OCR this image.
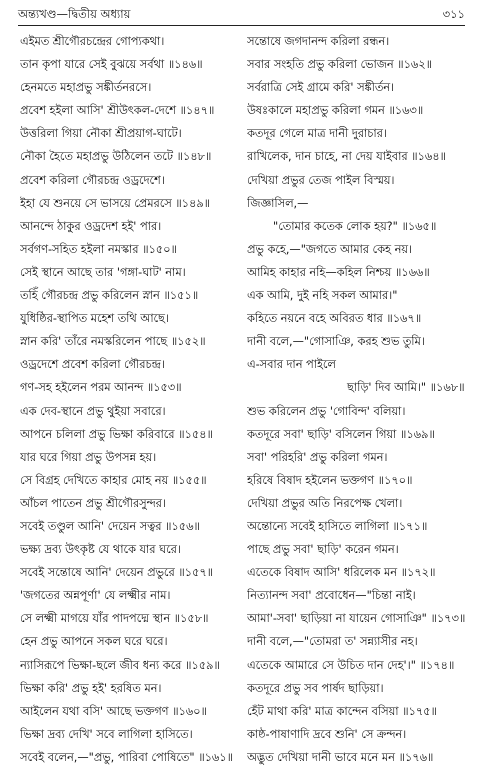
অন্ত্যখণ্ড—দ্বিতীয় অধ্যায়	৩১১
এইমত শ্রীগৌরচন্দ্রের গোপ্যকথা।
তান কৃপা যারে সেই বুঝয়ে সর্বথা ॥১৪৬॥
হেনমতে মহাপ্রভু সঙ্কীর্তনরসে।
প্রবেশ হইলা আসি' শ্রীউৎকল-দেশে ॥১৪৭॥
উত্তরিলা গিয়া নৌকা শ্রীপ্রয়াগ-ঘাটে।
নৌকা হৈতে মহাপ্রভু উঠিলেন তটে ॥১৪৮॥
প্রবেশ করিলা গৌরচন্দ্র ওড্রদেশে।
ইহা যে শুনয়ে সে ভাসয়ে প্রেমরসে ॥১৪৯॥
আনন্দে ঠাকুর ওড্রদেশ হই' পার।
সর্বগণ-সহিত হইলা নমস্কার ॥১৫০॥
সেই স্থানে আছে তার 'গঙ্গা-ঘাট' নাম।
তহিঁ গৌরচন্দ্র প্রভু করিলেন স্নান ॥১৫১॥
যুধিষ্ঠির-স্থাপিত মহেশ তথি আছে।
স্নান করি' তাঁরে নমস্করিলেন পাছে ॥১৫২॥
ওড্রদেশে প্রবেশ করিলা গৌরচন্দ্র।
গণ-সহ হইলেন পরম আনন্দ ॥১৫৩॥
এক দেব-স্থানে প্রভু থুইয়া সবারে।
আপনে চলিলা প্রভু ভিক্ষা করিবারে ॥১৫৪॥
যার ঘরে গিয়া প্রভু উপসন্ন হয়।
সে বিগ্রহ দেখিতে কাহার মোহ নয় ॥১৫৫॥
আঁচল পাতেন প্রভু শ্রীগৌরসুন্দর।
সবেই তণ্ডুল আনি' দেয়েন সত্বর ॥১৫৬॥
ভক্ষ্য দ্রব্য উৎকৃষ্ট যে থাকে যার ঘরে।
সবেই সন্তোষে আনি' দেয়েন প্রভুরে ॥১৫৭॥
'জগতের অন্নপূর্ণা' যে লক্ষ্মীর নাম।
সে লক্ষ্মী মাগয়ে যাঁর পাদপদ্মে স্থান ॥১৫৮॥
হেন প্রভু আপনে সকল ঘরে ঘরে।
ন্যাসিরূপে ভিক্ষা-ছলে জীব ধন্য করে ॥১৫৯॥
ভিক্ষা করি' প্রভু হই' হরষিত মন।
আইলেন যথা বসি' আছে ভক্তগণ ॥১৬০॥
ভিক্ষা দ্রব্য দেখি' সবে লাগিলা হাসিতে।
সবেই বলেন,—"প্রভু, পারিবা পোষিতে" ॥১৬১॥
সন্তোষে জগদানন্দ করিলা রন্ধন।
সবার সংহতি প্রভু করিলা ভোজন ॥১৬২॥
সর্বরাত্রি সেই গ্রামে করি' সঙ্কীর্তন।
উষঃকালে মহাপ্রভু করিলা গমন ॥১৬৩॥
কতদূর গেলে মাত্র দানী দুরাচার।
রাখিলেক, দান চাহে, না দেয় যাইবার ॥১৬৪॥
দেখিয়া প্রভুর তেজ পাইল বিস্ময়।
জিজ্ঞাসিল,—
"তোমার কতেক লোক হয়?" ॥১৬৫॥
প্রভু কহে,—"জগতে আমার কেহ নয়।
আমিহ কাহার নহি—কহিল নিশ্চয় ॥১৬৬॥
এক আমি, দুই নহি সকল আমার।"
কহিতে নয়নে বহে অবিরত ধার ॥১৬৭॥
দানী বলে,—"গোসাঞি, করহ শুভ তুমি।
এ-সবার দান পাইলে
ছাড়ি' দিব আমি।" ॥১৬৮॥
শুভ করিলেন প্রভু 'গোবিন্দ' বলিয়া।
কতদূরে সবা' ছাড়ি' বসিলেন গিয়া ॥১৬৯॥
সবা' পরিহরি' প্রভু করিলা গমন।
হরিষে বিষাদ হইলেন ভক্তগণ ॥১৭০॥
দেখিয়া প্রভুর অতি নিরপেক্ষ খেলা।
অন্তোন্যে সবেই হাসিতে লাগিলা ॥১৭১॥
পাছে প্রভু সবা' ছাড়ি' করেন গমন।
এতেকে বিষাদ আসি' ধরিলেক মন ॥১৭২॥
নিত্যানন্দ সবা' প্রবোধেন—"চিন্তা নাই।
আমা'-সবা' ছাড়িয়া না যায়েন গোসাঞি" ॥১৭৩॥
দানী বলে,—"তোমরা ত' সন্ন্যাসীর নহ।
এতেকে আমারে সে উচিত দান দেহ'।" ॥১৭৪॥
কতদূরে প্রভু সব পার্ষদ ছাড়িয়া।
হেঁট মাথা করি' মাত্র কান্দেন বসিয়া ॥১৭৫॥
কাষ্ঠ-পাষাণাদি দ্রবে শুনি' সে ক্রন্দন।
অদ্ভুত দেখিয়া দানী ভাবে মনে মন ॥১৭৬॥
